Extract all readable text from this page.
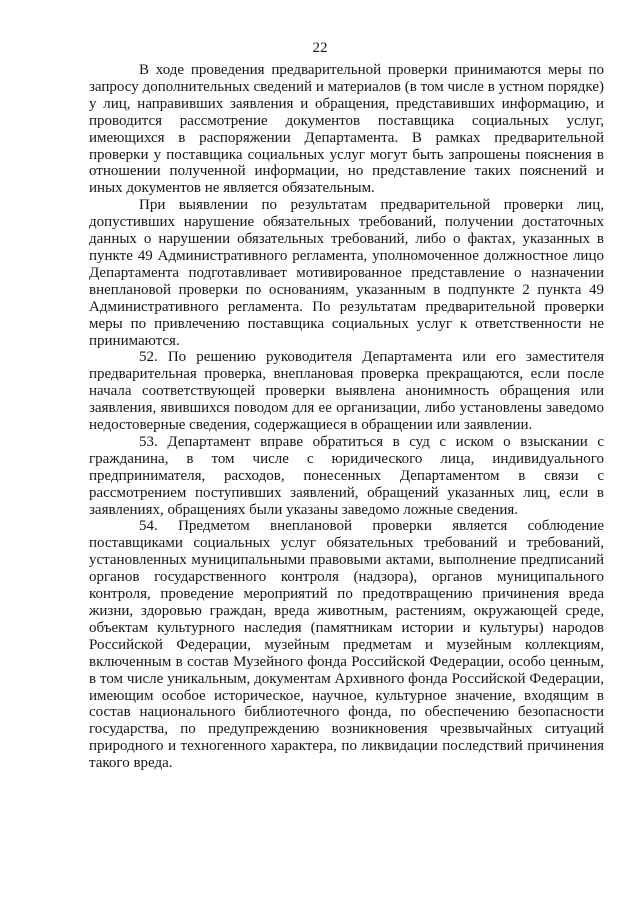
22

В ходе проведения предварительной проверки принимаются меры по запросу дополнительных сведений и материалов (в том числе в устном порядке) у лиц, направивших заявления и обращения, представивших информацию, и проводится рассмотрение документов поставщика социальных услуг, имеющихся в распоряжении Департамента. В рамках предварительной проверки у поставщика социальных услуг могут быть запрошены пояснения в отношении полученной информации, но представление таких пояснений и иных документов не является обязательным.

При выявлении по результатам предварительной проверки лиц, допустивших нарушение обязательных требований, получении достаточных данных о нарушении обязательных требований, либо о фактах, указанных в пункте 49 Административного регламента, уполномоченное должностное лицо Департамента подготавливает мотивированное представление о назначении внеплановой проверки по основаниям, указанным в подпункте 2 пункта 49 Административного регламента. По результатам предварительной проверки меры по привлечению поставщика социальных услуг к ответственности не принимаются.

52. По решению руководителя Департамента или его заместителя предварительная проверка, внеплановая проверка прекращаются, если после начала соответствующей проверки выявлена анонимность обращения или заявления, явившихся поводом для ее организации, либо установлены заведомо недостоверные сведения, содержащиеся в обращении или заявлении.

53. Департамент вправе обратиться в суд с иском о взыскании с гражданина, в том числе с юридического лица, индивидуального предпринимателя, расходов, понесенных Департаментом в связи с рассмотрением поступивших заявлений, обращений указанных лиц, если в заявлениях, обращениях были указаны заведомо ложные сведения.

54. Предметом внеплановой проверки является соблюдение поставщиками социальных услуг обязательных требований и требований, установленных муниципальными правовыми актами, выполнение предписаний органов государственного контроля (надзора), органов муниципального контроля, проведение мероприятий по предотвращению причинения вреда жизни, здоровью граждан, вреда животным, растениям, окружающей среде, объектам культурного наследия (памятникам истории и культуры) народов Российской Федерации, музейным предметам и музейным коллекциям, включенным в состав Музейного фонда Российской Федерации, особо ценным, в том числе уникальным, документам Архивного фонда Российской Федерации, имеющим особое историческое, научное, культурное значение, входящим в состав национального библиотечного фонда, по обеспечению безопасности государства, по предупреждению возникновения чрезвычайных ситуаций природного и техногенного характера, по ликвидации последствий причинения такого вреда.
